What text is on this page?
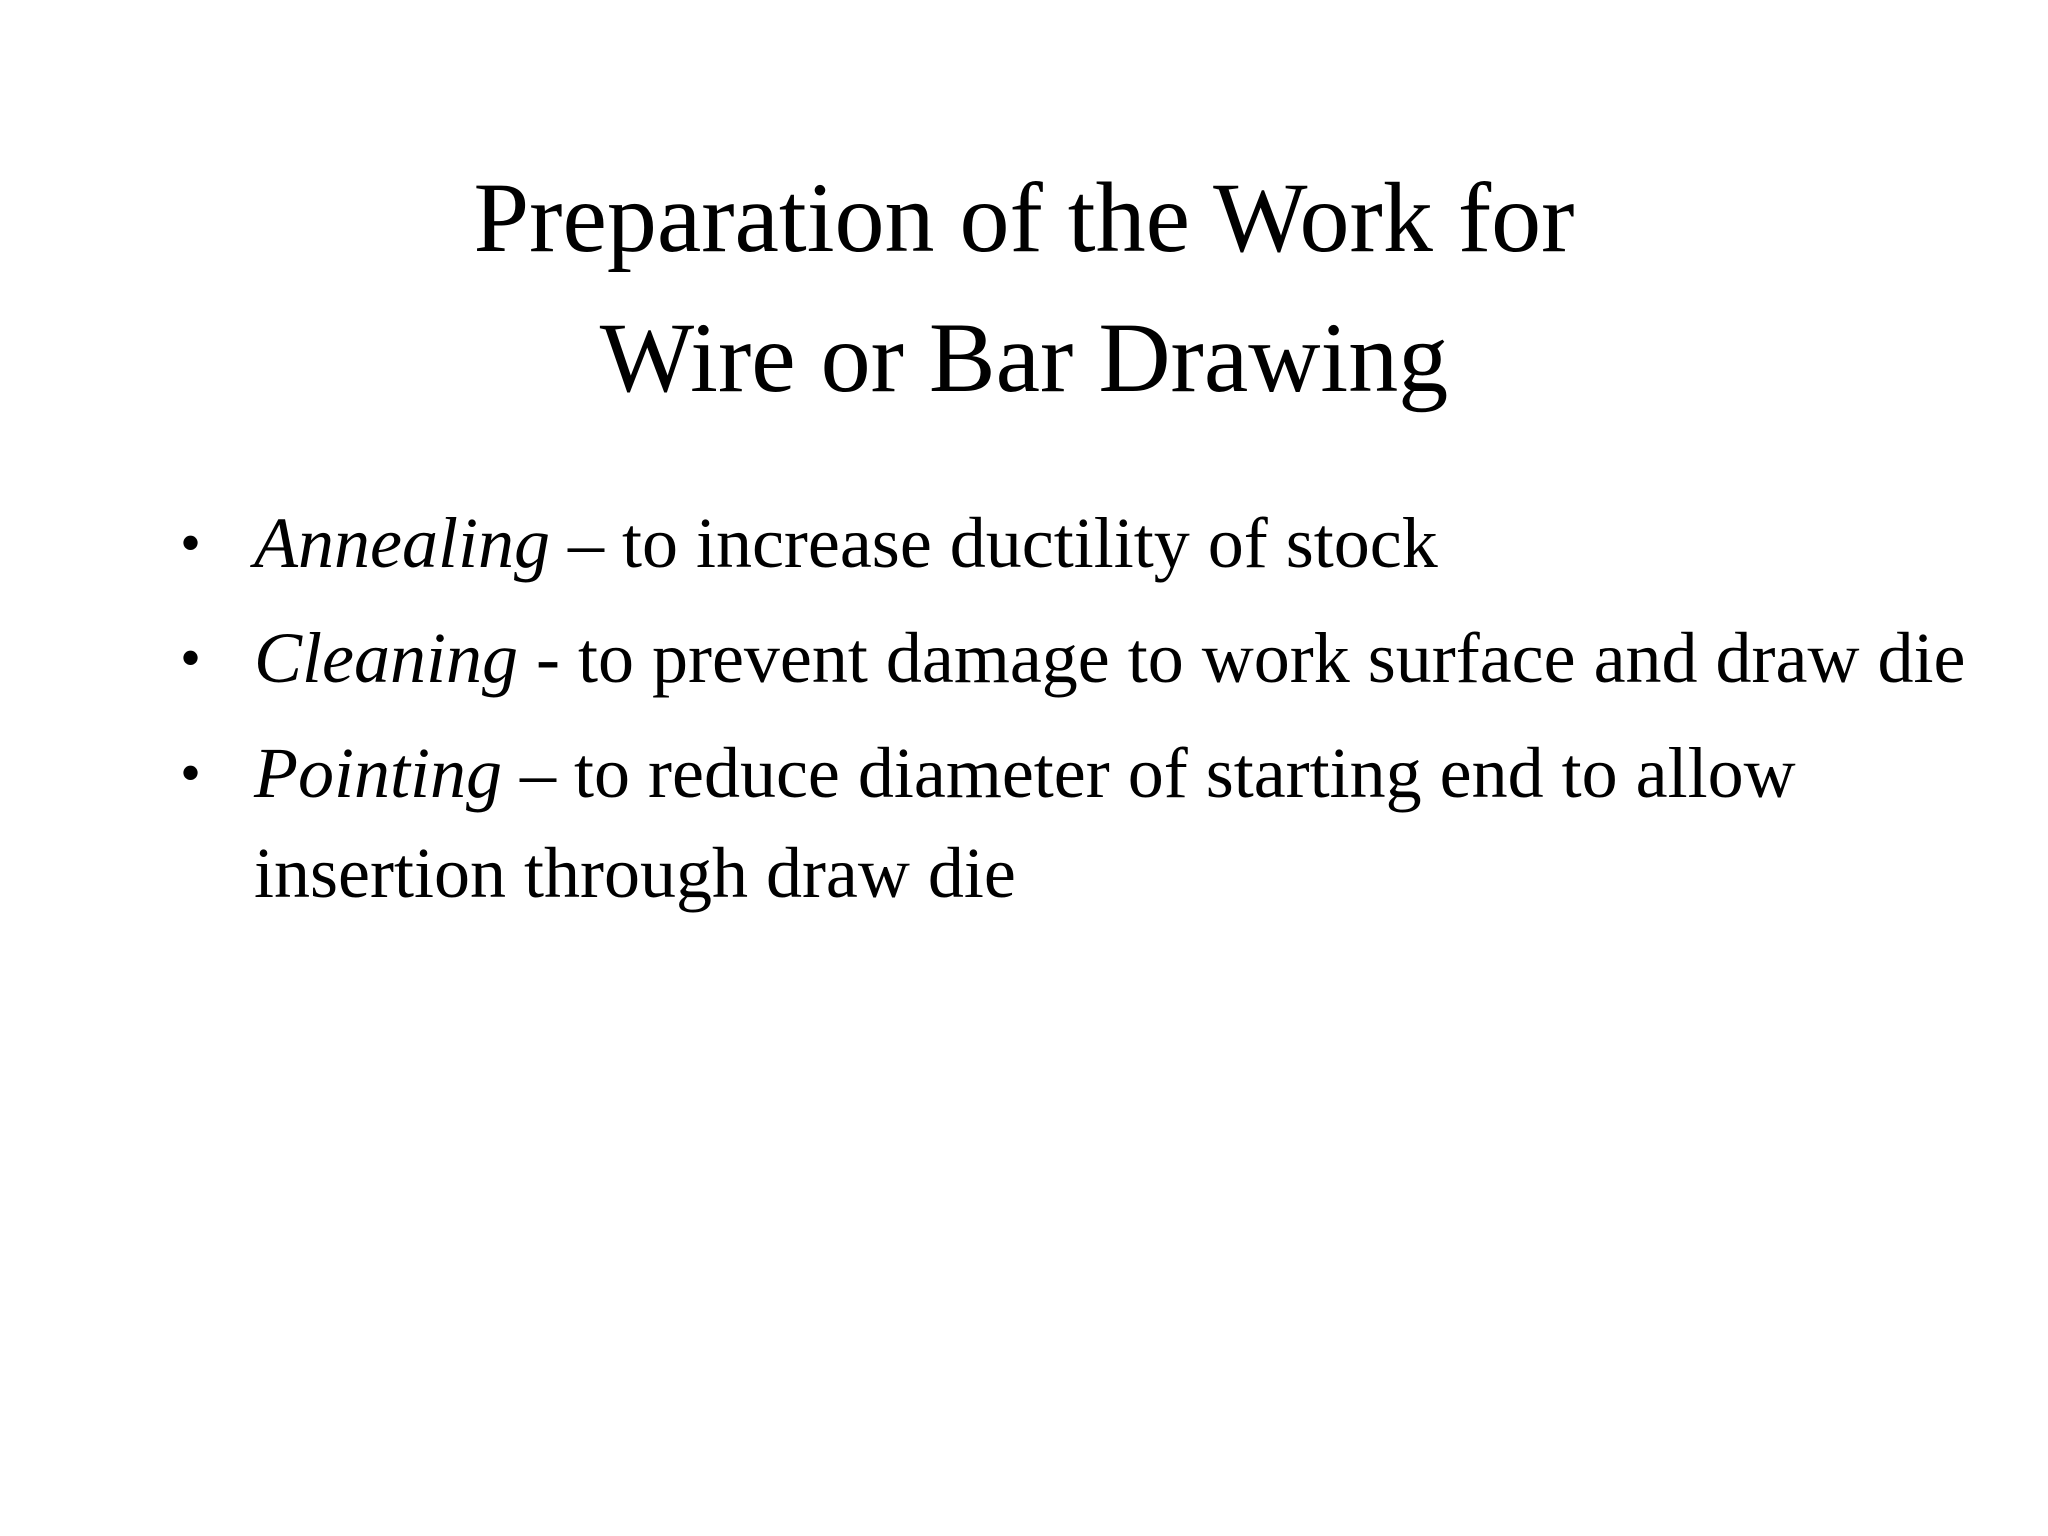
Preparation of the Work for
Wire or Bar Drawing
• Annealing – to increase ductility of stock
• Cleaning - to prevent damage to work surface and draw die
• Pointing – to reduce diameter of starting end to allow insertion through draw die
